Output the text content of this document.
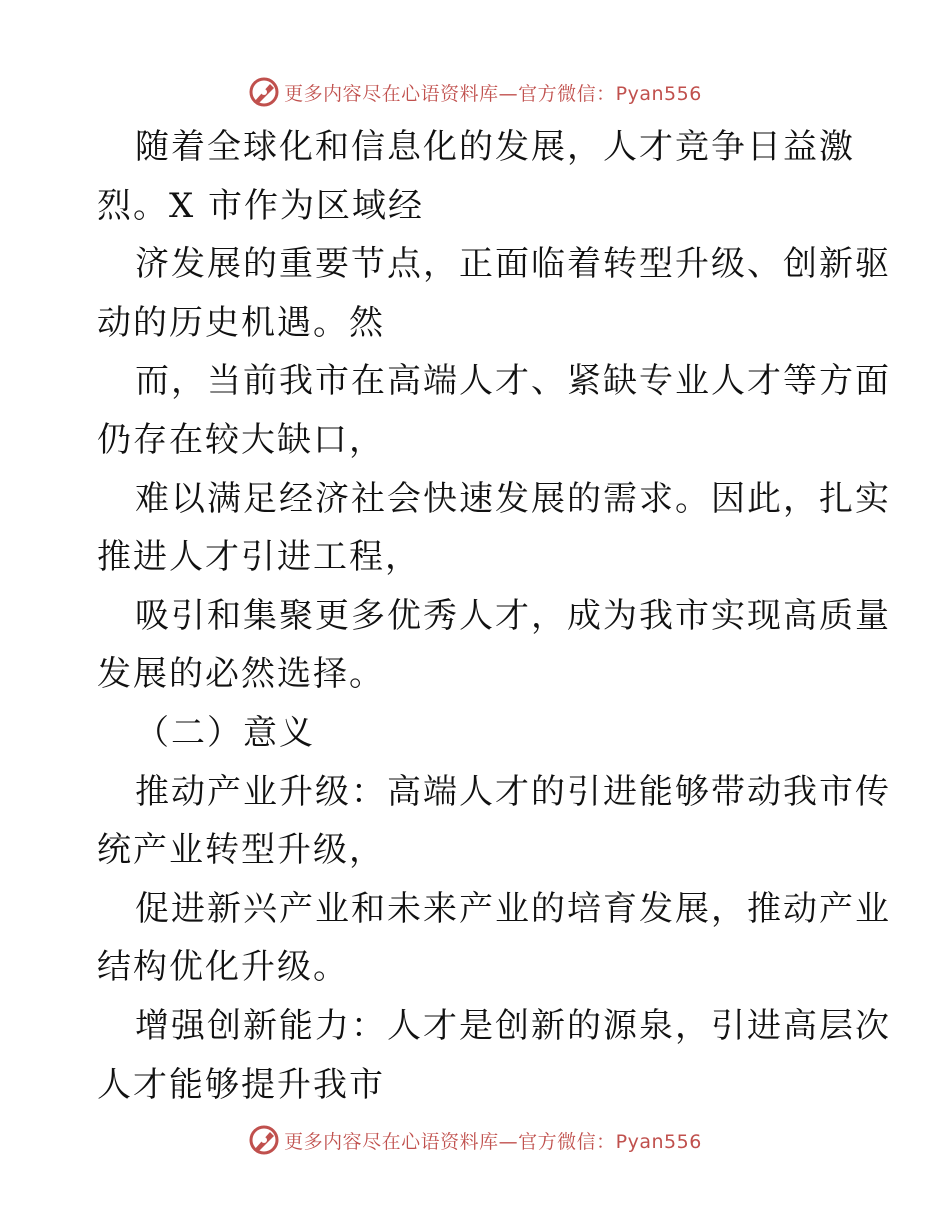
更多内容尽在心语资料库—官方微信：Pyan556
随着全球化和信息化的发展，人才竞争日益激
烈。X 市作为区域经
济发展的重要节点，正面临着转型升级、创新驱
动的历史机遇。然
而，当前我市在高端人才、紧缺专业人才等方面
仍存在较大缺口，
难以满足经济社会快速发展的需求。因此，扎实
推进人才引进工程，
吸引和集聚更多优秀人才，成为我市实现高质量
发展的必然选择。
（二）意义
推动产业升级：高端人才的引进能够带动我市传
统产业转型升级，
促进新兴产业和未来产业的培育发展，推动产业
结构优化升级。
增强创新能力：人才是创新的源泉，引进高层次
人才能够提升我市
更多内容尽在心语资料库—官方微信：Pyan556
